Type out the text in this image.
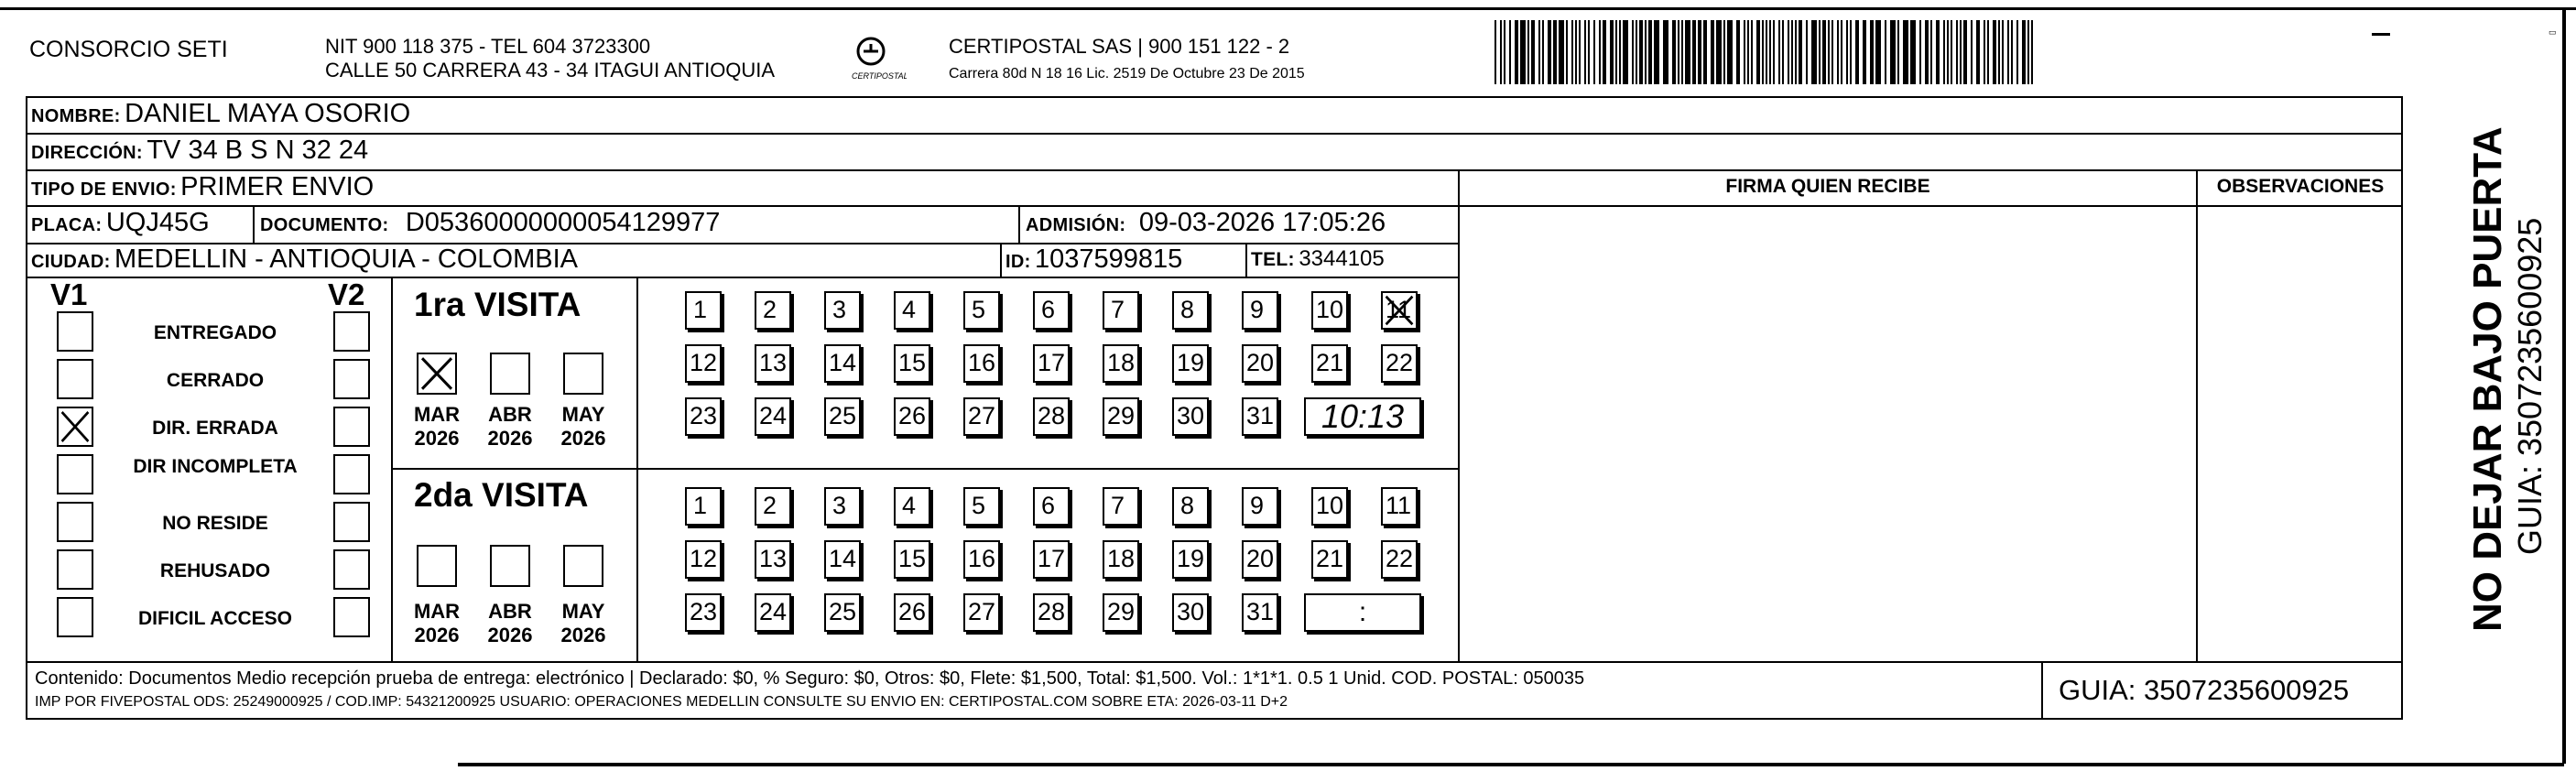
CONSORCIO SETI	NIT 900 118 375 - TEL 604 3723300
CALLE 50 CARRERA 43 - 34 ITAGUI ANTIOQUIA	CERTIPOSTAL
CERTIPOSTAL SAS | 900 151 122 - 2
Carrera 80d N 18 16 Lic. 2519 De Octubre 23 De 2015
▭
NOMBRE: DANIEL MAYA OSORIO
DIRECCIÓN: TV 34 B S N 32 24
TIPO DE ENVIO: PRIMER ENVIO
PLACA: UQJ45G	DOCUMENTO: D05360000000054129977	ADMISIÓN: 09-03-2026 17:05:26
CIUDAD: MEDELLIN - ANTIOQUIA - COLOMBIA	ID: 1037599815	TEL: 3344105
FIRMA QUIEN RECIBE	OBSERVACIONES
V1	V2
ENTREGADO
CERRADO
DIR. ERRADA
DIR INCOMPLETA
NO RESIDE
REHUSADO
DIFICIL ACCESO
1ra VISITA
2da VISITA
MAR
2026
ABR
2026
MAY
2026
1	2	3	4	5	6	7	8	9	10 11
12 13 14 15 16 17 18 19 20 21 22
23 24 25 26 27 28 29 30 31	10:13
MAR
2026
ABR
2026
MAY
2026
1	2	3	4	5	6	7	8	9	10 11
12 13 14 15 16 17 18 19 20 21 22
23 24 25 26 27 28 29 30 31	:
Contenido: Documentos Medio recepción prueba de entrega: electrónico | Declarado: $0, % Seguro: $0, Otros: $0, Flete: $1,500, Total: $1,500. Vol.: 1*1*1. 0.5 1 Unid. COD. POSTAL: 050035
IMP POR FIVEPOSTAL ODS: 25249000925 / COD.IMP: 54321200925 USUARIO: OPERACIONES MEDELLIN CONSULTE SU ENVIO EN: CERTIPOSTAL.COM SOBRE ETA: 2026-03-11 D+2	GUIA: 3507235600925
NO DEJAR BAJO PUERTA GUIA: 3507235600925
